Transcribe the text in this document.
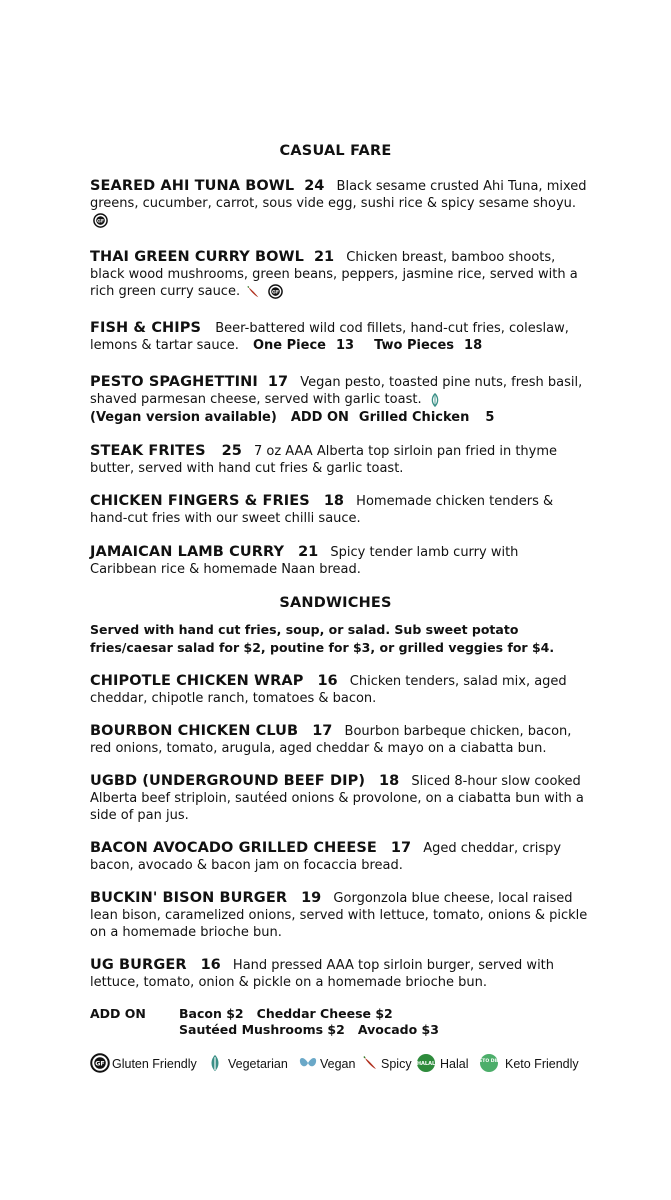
CASUAL FARE
SEARED AHI TUNA BOWL 24 Black sesame crusted Ahi Tuna, mixed greens, cucumber, carrot, sous vide egg, sushi rice & spicy sesame shoyu.
GF
THAI GREEN CURRY BOWL 21 Chicken breast, bamboo shoots, black wood mushrooms, green beans, peppers, jasmine rice, served with a rich green curry sauce.
	GF
FISH & CHIPS Beer-battered wild cod fillets, hand-cut fries, coleslaw, lemons & tartar sauce. One Piece 13 Two Pieces 18
PESTO SPAGHETTINI 17 Vegan pesto, toasted pine nuts, fresh basil, shaved parmesan cheese, served with garlic toast.
(Vegan version available) ADD ON Grilled Chicken 5
STEAK FRITES 25 7 oz AAA Alberta top sirloin pan fried in thyme butter, served with hand cut fries & garlic toast.
CHICKEN FINGERS & FRIES 18 Homemade chicken tenders & hand-cut fries with our sweet chilli sauce.
JAMAICAN LAMB CURRY 21 Spicy tender lamb curry with Caribbean rice & homemade Naan bread.
SANDWICHES
Served with hand cut fries, soup, or salad. Sub sweet potato fries/caesar salad for $2, poutine for $3, or grilled veggies for $4.
CHIPOTLE CHICKEN WRAP 16 Chicken tenders, salad mix, aged cheddar, chipotle ranch, tomatoes & bacon.
BOURBON CHICKEN CLUB 17 Bourbon barbeque chicken, bacon, red onions, tomato, arugula, aged cheddar & mayo on a ciabatta bun.
UGBD (UNDERGROUND BEEF DIP) 18 Sliced 8-hour slow cooked Alberta beef striploin, sautéed onions & provolone, on a ciabatta bun with a side of pan jus.
BACON AVOCADO GRILLED CHEESE 17 Aged cheddar, crispy bacon, avocado & bacon jam on focaccia bread.
BUCKIN' BISON BURGER 19 Gorgonzola blue cheese, local raised lean bison, caramelized onions, served with lettuce, tomato, onions & pickle on a homemade brioche bun.
UG BURGER 16 Hand pressed AAA top sirloin burger, served with lettuce, tomato, onion & pickle on a homemade brioche bun.
ADD ON	Bacon $2   Cheddar Cheese $2
Sautéed Mushrooms $2   Avocado $3
GF Gluten Friendly Vegetarian	Vegan Spicy HALAL Halal KETO DIET Keto Friendly
